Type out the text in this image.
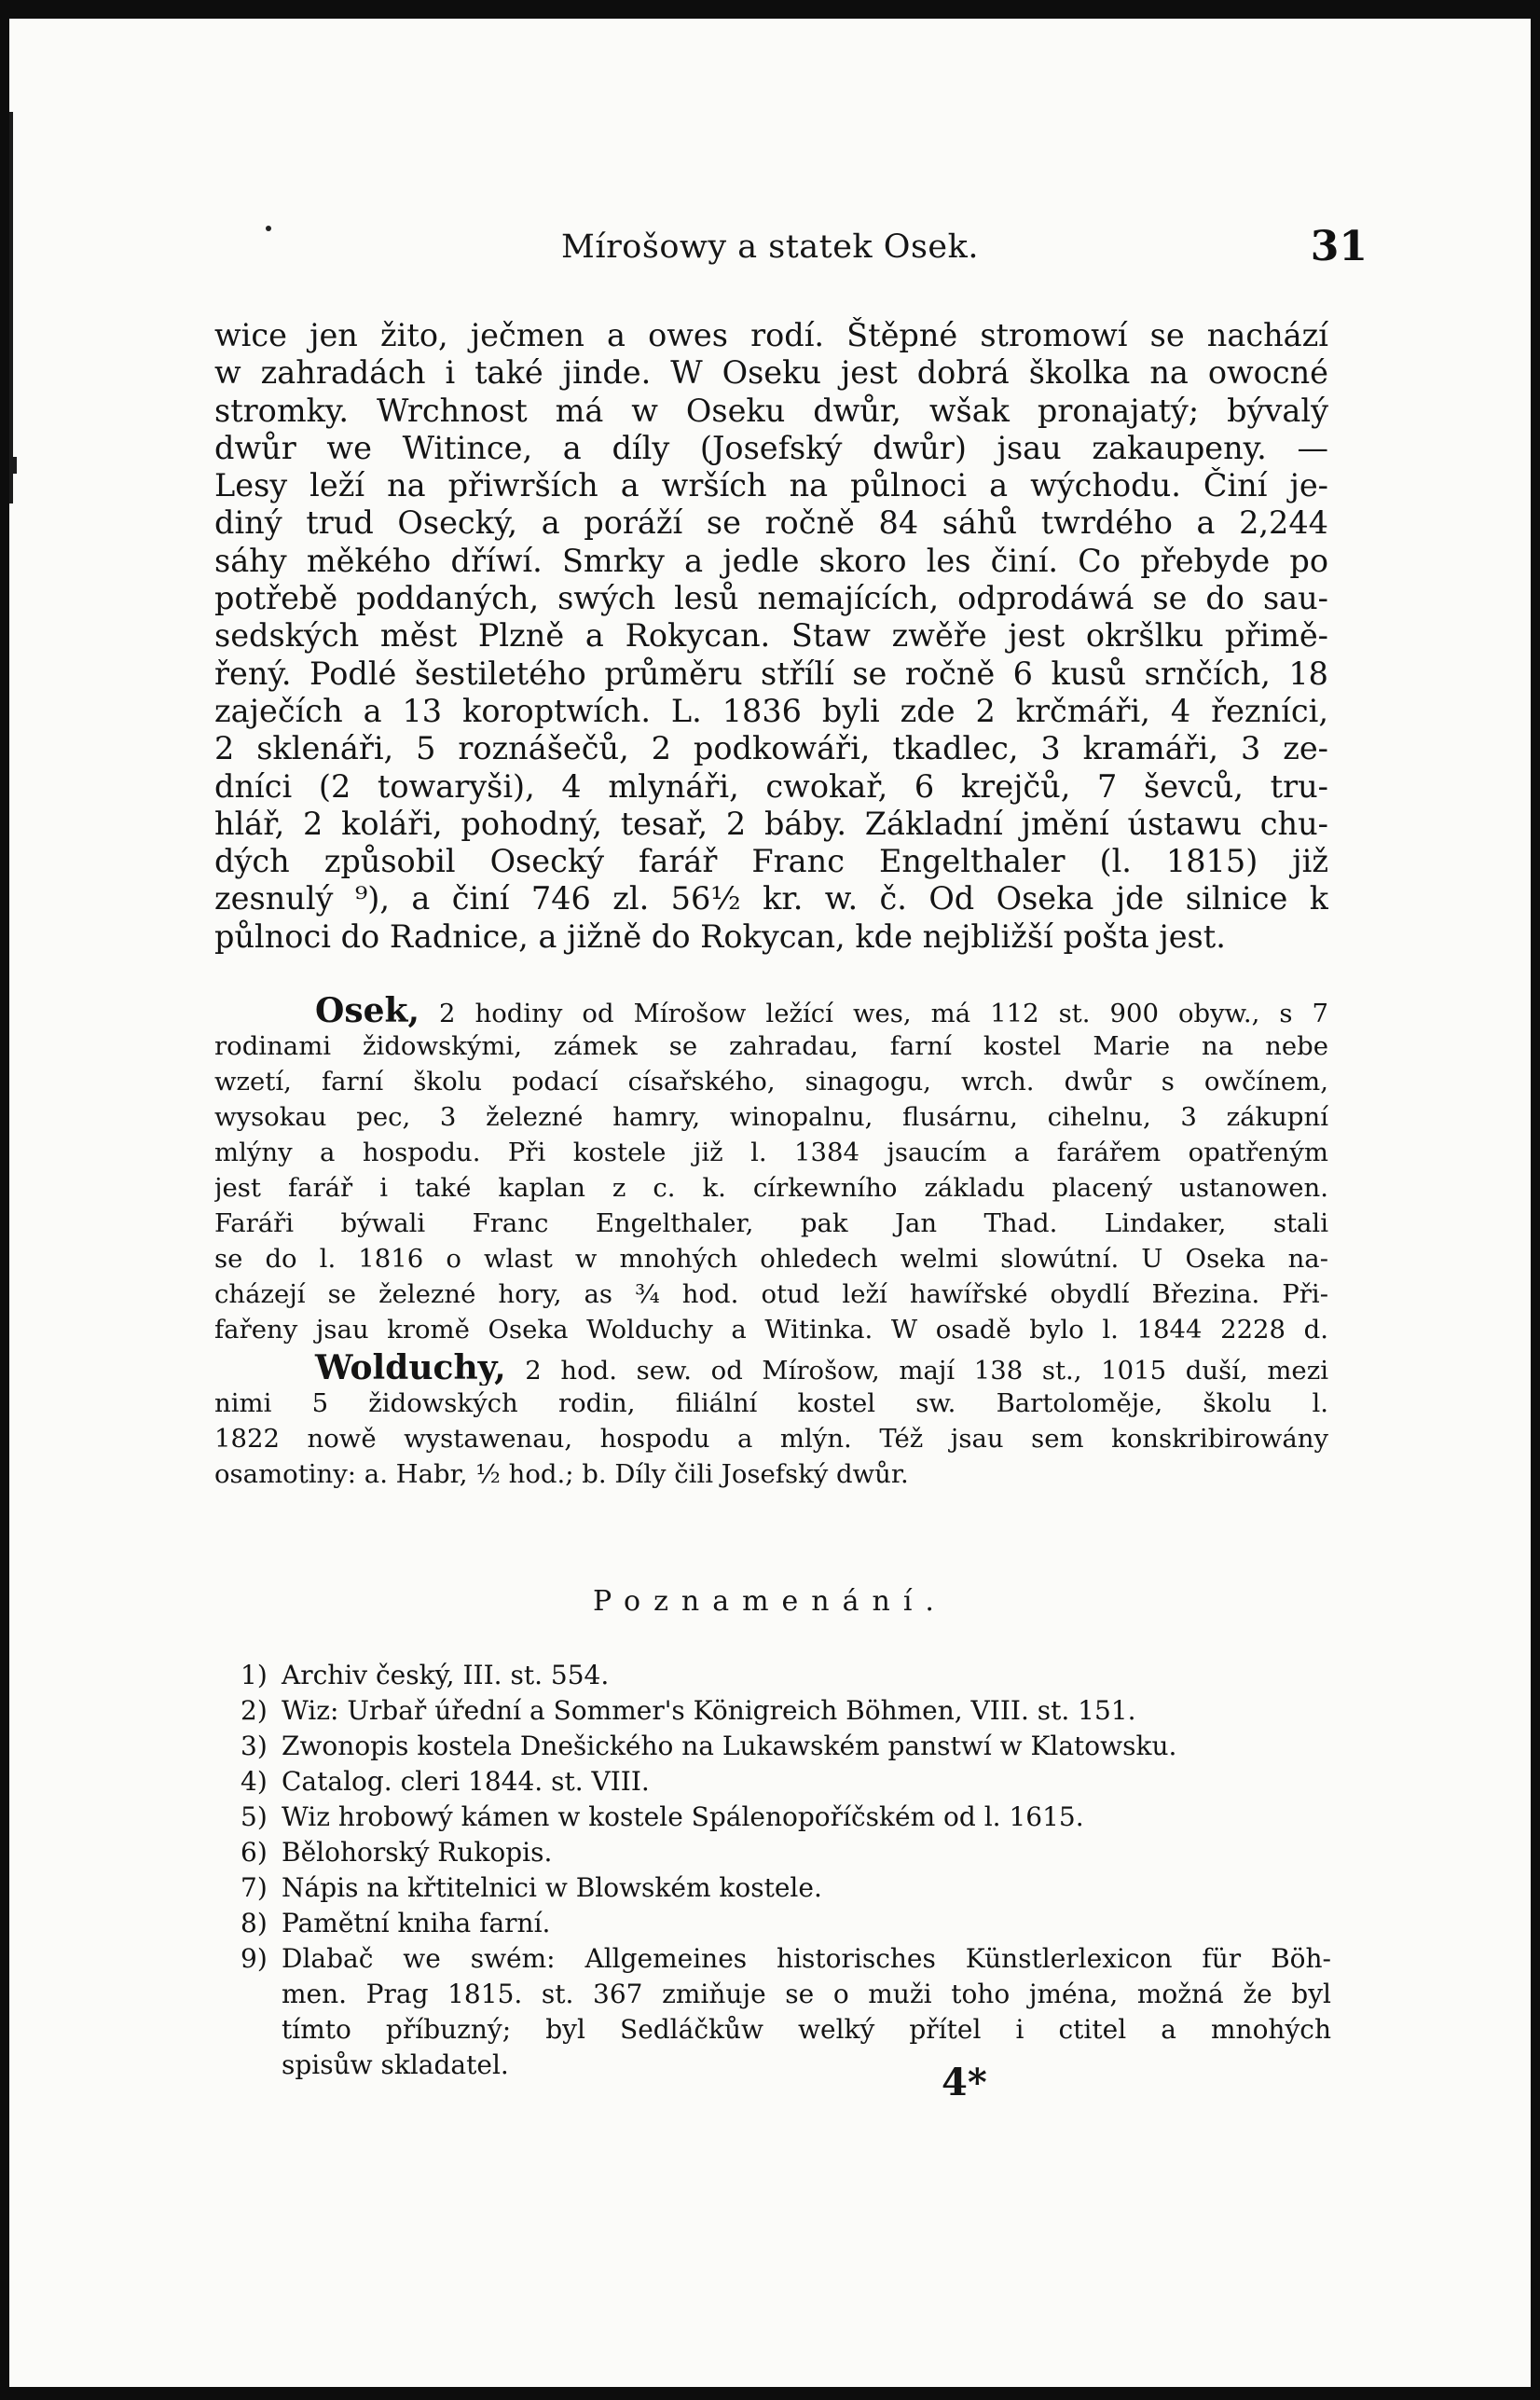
Mírošowy a statek Osek.	31
wice jen žito, ječmen a owes rodí. Štěpné stromowí se nachází
w zahradách i také jinde. W Oseku jest dobrá školka na owocné
stromky. Wrchnost má w Oseku dwůr, wšak pronajatý; bývalý
dwůr we Witince, a díly (Josefský dwůr) jsau zakaupeny. —
Lesy leží na přiwrších a wrších na půlnoci a wýchodu. Činí je-
diný trud Osecký, a poráží se ročně 84 sáhů twrdého a 2,244
sáhy měkého dříwí. Smrky a jedle skoro les činí. Co přebyde po
potřebě poddaných, swých lesů nemajících, odprodáwá se do sau-
sedských měst Plzně a Rokycan. Staw zwěře jest okršlku přimě-
řený. Podlé šestiletého průměru střílí se ročně 6 kusů srnčích, 18
zaječích a 13 koroptwích. L. 1836 byli zde 2 krčmáři, 4 řezníci,
2 sklenáři, 5 roznášečů, 2 podkowáři, tkadlec, 3 kramáři, 3 ze-
dníci (2 towaryši), 4 mlynáři, cwokař, 6 krejčů, 7 ševců, tru-
hlář, 2 koláři, pohodný, tesař, 2 báby. Základní jmění ústawu chu-
dých způsobil Osecký farář Franc Engelthaler (l. 1815) již
zesnulý ⁹), a činí 746 zl. 56½ kr. w. č. Od Oseka jde silnice k
půlnoci do Radnice, a jižně do Rokycan, kde nejbližší pošta jest.
Osek, 2 hodiny od Mírošow ležící wes, má 112 st. 900 obyw., s 7
rodinami židowskými, zámek se zahradau, farní kostel Marie na nebe
wzetí, farní školu podací císařského, sinagogu, wrch. dwůr s owčínem,
wysokau pec, 3 železné hamry, winopalnu, flusárnu, cihelnu, 3 zákupní
mlýny a hospodu. Při kostele již l. 1384 jsaucím a farářem opatřeným
jest farář i také kaplan z c. k. církewního základu placený ustanowen.
Faráři býwali Franc Engelthaler, pak Jan Thad. Lindaker, stali
se do l. 1816 o wlast w mnohých ohledech welmi slowútní. U Oseka na-
cházejí se železné hory, as ¾ hod. otud leží hawířské obydlí Březina. Při-
fařeny jsau kromě Oseka Wolduchy a Witinka. W osadě bylo l. 1844 2228 d.
Wolduchy, 2 hod. sew. od Mírošow, mají 138 st., 1015 duší, mezi
nimi 5 židowských rodin, filiální kostel sw. Bartoloměje, školu l.
1822 nowě wystawenau, hospodu a mlýn. Též jsau sem konskribirowány
osamotiny: a. Habr, ½ hod.; b. Díly čili Josefský dwůr.
Poznamenání.
1) Archiv český, III. st. 554.
2) Wiz: Urbař úřední a Sommer's Königreich Böhmen, VIII. st. 151.
3) Zwonopis kostela Dnešického na Lukawském panstwí w Klatowsku.
4) Catalog. cleri 1844. st. VIII.
5) Wiz hrobowý kámen w kostele Spálenopoříčském od l. 1615.
6) Bělohorský Rukopis.
7) Nápis na křtitelnici w Blowském kostele.
8) Pamětní kniha farní.
9) Dlabač we swém: Allgemeines historisches Künstlerlexicon für Böh-
men. Prag 1815. st. 367 zmiňuje se o muži toho jména, možná že byl
tímto příbuzný; byl Sedláčkůw welký přítel i ctitel a mnohých
spisůw skladatel.	4*
